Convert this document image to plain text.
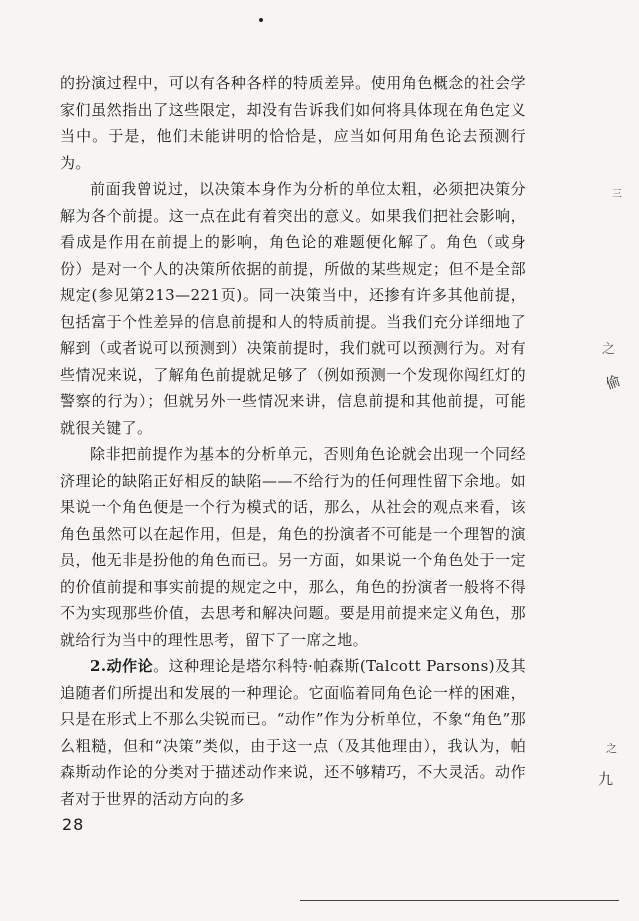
的扮演过程中，可以有各种各样的特质差异。使用角色概念的社会学家们虽然指出了这些限定，却没有告诉我们如何将具体现在角色定义当中。于是，他们未能讲明的恰恰是，应当如何用角色论去预测行为。

前面我曾说过，以决策本身作为分析的单位太粗，必须把决策分解为各个前提。这一点在此有着突出的意义。如果我们把社会影响，看成是作用在前提上的影响，角色论的难题便化解了。角色（或身份）是对一个人的决策所依据的前提，所做的某些规定；但不是全部规定(参见第213—221页)。同一决策当中，还掺有许多其他前提，包括富于个性差异的信息前提和人的特质前提。当我们充分详细地了解到（或者说可以预测到）决策前提时，我们就可以预测行为。对有些情况来说，了解角色前提就足够了（例如预测一个发现你闯红灯的警察的行为）；但就另外一些情况来讲，信息前提和其他前提，可能就很关键了。

除非把前提作为基本的分析单元，否则角色论就会出现一个同经济理论的缺陷正好相反的缺陷——不给行为的任何理性留下余地。如果说一个角色便是一个行为模式的话，那么，从社会的观点来看，该角色虽然可以在起作用，但是，角色的扮演者不可能是一个理智的演员，他无非是扮他的角色而已。另一方面，如果说一个角色处于一定的价值前提和事实前提的规定之中，那么，角色的扮演者一般将不得不为实现那些价值，去思考和解决问题。要是用前提来定义角色，那就给行为当中的理性思考，留下了一席之地。

2.动作论。这种理论是塔尔科特·帕森斯(Talcott Parsons)及其追随者们所提出和发展的一种理论。它面临着同角色论一样的困难，只是在形式上不那么尖锐而已。“动作”作为分析单位，不象“角色”那么粗糙，但和“决策”类似，由于这一点（及其他理由），我认为，帕森斯动作论的分类对于描述动作来说，还不够精巧，不大灵活。动作者对于世界的活动方向的多

28
三
之
偷
之
九
